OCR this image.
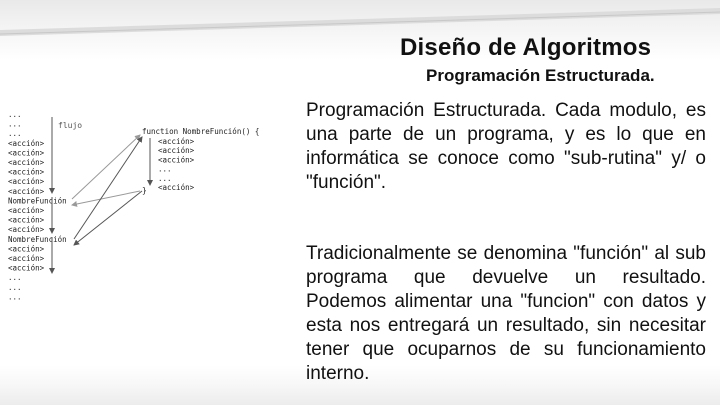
Diseño de Algoritmos
Programación Estructurada.
...
...
...
<acción>
<acción>
<acción>
<acción>
<acción>
<acción>
NombreFunción
<acción>
<acción>
<acción>
NombreFunción
<acción>
<acción>
<acción>
...
...
...
flujo
function NombreFunción() {
<acción>
<acción>
<acción>
...
...
<acción>
}
Programación Estructurada. Cada modulo, es una parte de un programa, y es lo que en informática se conoce como "sub-rutina" y/ o "función".
Tradicionalmente se denomina "función" al sub programa que devuelve un resultado. Podemos alimentar una "funcion" con datos y esta nos entregará un resultado, sin necesitar tener que ocuparnos de su funcionamiento interno.
